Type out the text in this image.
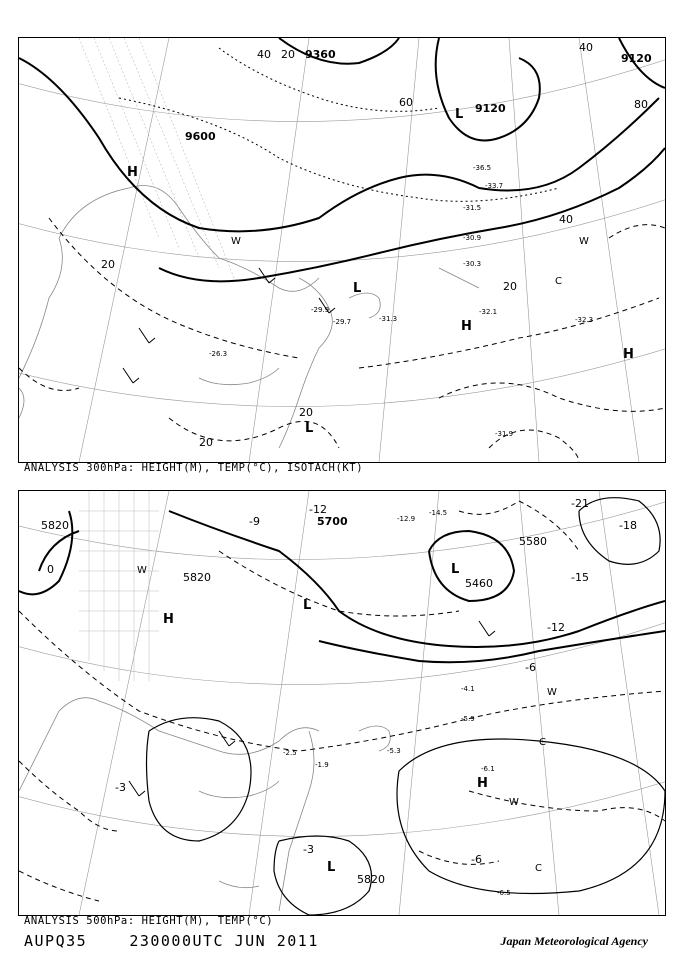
9360
9600
9120
9120
20
20
20
20
20
40
40
40
60	80
-31.5
-32.1
-32.3
-31.9
-26.3
-29.7	-31.3
-29.9
-30.9
-30.3
-36.5
-33.7
H
L
L
H
H
L
C
W	W
ANALYSIS 300hPa: HEIGHT(M), TEMP(°C), ISOTACH(KT)
5820	5700
5580
5460
5820
5820
-21
-18
-15
-12
-12
-9
-6
-3
0
-6
-3
-14.5
-12.9
-6.1
-6.5
-5.9
-4.1
-5.3
-2.5
-1.9
H
H
L
L
L
W
W
W
C
C
ANALYSIS 500hPa: HEIGHT(M), TEMP(°C)
AUPQ35	230000UTC JUN 2011	Japan Meteorological Agency
